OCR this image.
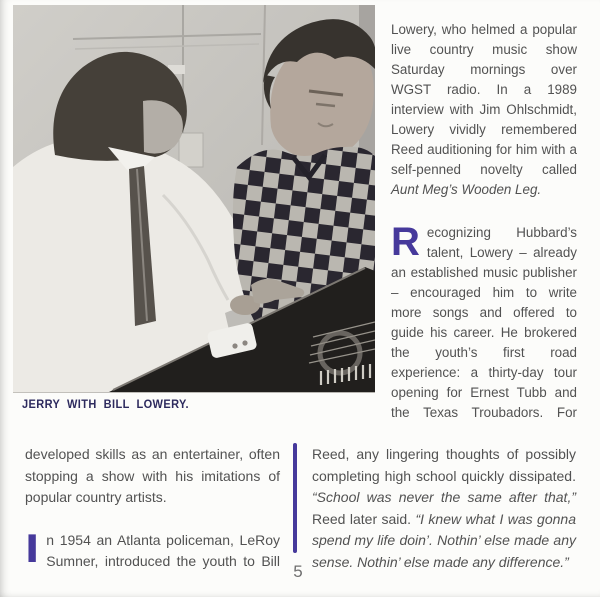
JERRY WITH BILL LOWERY.

Lowery, who helmed a popular live country music show Saturday mornings over WGST radio. In a 1989 interview with Jim Ohlschmidt, Lowery vividly remembered Reed auditioning for him with a self-penned novelty called Aunt Meg’s Wooden Leg.

Recognizing Hubbard’s talent, Lowery – already an established music publisher – encouraged him to write more songs and offered to guide his career. He brokered the youth’s first road experience: a thirty-day tour opening for Ernest Tubb and the Texas Troubadors. For

developed skills as an entertainer, often stopping a show with his imitations of popular country artists.

In 1954 an Atlanta policeman, LeRoy Sumner, introduced the youth to Bill

Reed, any lingering thoughts of possibly completing high school quickly dissipated. “School was never the same after that,” Reed later said. “I knew what I was gonna spend my life doin’. Nothin’ else made any sense. Nothin’ else made any difference.”

5
